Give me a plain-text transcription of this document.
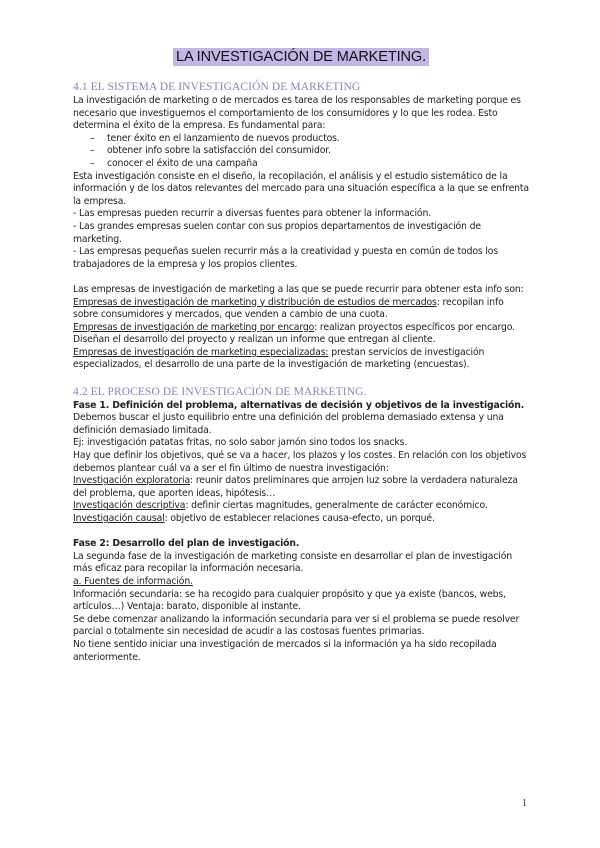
LA INVESTIGACIÓN DE MARKETING.
4.1 EL SISTEMA DE INVESTIGACIÓN DE MARKETING

La investigación de marketing o de mercados es tarea de los responsables de marketing porque es necesario que investiguemos el comportamiento de los consumidores y lo que les rodea. Esto determina el éxito de la empresa. Es fundamental para:

– tener éxito en el lanzamiento de nuevos productos.
– obtener info sobre la satisfacción del consumidor.
– conocer el éxito de una campaña

Esta investigación consiste en el diseño, la recopilación, el análisis y el estudio sistemático de la información y de los datos relevantes del mercado para una situación específica a la que se enfrenta la empresa.

- Las empresas pueden recurrir a diversas fuentes para obtener la información.

- Las grandes empresas suelen contar con sus propios departamentos de investigación de marketing.

- Las empresas pequeñas suelen recurrir más a la creatividad y puesta en común de todos los trabajadores de la empresa y los propios clientes.

Las empresas de investigación de marketing a las que se puede recurrir para obtener esta info son:

Empresas de investigación de marketing y distribución de estudios de mercados: recopilan info sobre consumidores y mercados, que venden a cambio de una cuota.

Empresas de investigación de marketing por encargo: realizan proyectos específicos por encargo. Diseñan el desarrollo del proyecto y realizan un informe que entregan al cliente.

Empresas de investigación de marketing especializadas: prestan servicios de investigación especializados, el desarrollo de una parte de la investigación de marketing (encuestas).

4.2 EL PROCESO DE INVESTIGACIÓN DE MARKETING.

Fase 1. Definición del problema, alternativas de decisión y objetivos de la investigación.

Debemos buscar el justo equilibrio entre una definición del problema demasiado extensa y una definición demasiado limitada.

Ej: investigación patatas fritas, no solo sabor jamón sino todos los snacks.

Hay que definir los objetivos, qué se va a hacer, los plazos y los costes. En relación con los objetivos debemos plantear cuál va a ser el fin último de nuestra investigación:

Investigación exploratoria: reunir datos preliminares que arrojen luz sobre la verdadera naturaleza del problema, que aporten ideas, hipótesis…

Investigación descriptiva: definir ciertas magnitudes, generalmente de carácter económico.

Investigación causal: objetivo de establecer relaciones causa-efecto, un porqué.

Fase 2: Desarrollo del plan de investigación.

La segunda fase de la investigación de marketing consiste en desarrollar el plan de investigación más eficaz para recopilar la información necesaria.

a. Fuentes de información.

Información secundaria: se ha recogido para cualquier propósito y que ya existe (bancos, webs, artículos…) Ventaja: barato, disponible al instante.

Se debe comenzar analizando la información secundaria para ver si el problema se puede resolver parcial o totalmente sin necesidad de acudir a las costosas fuentes primarias.

No tiene sentido iniciar una investigación de mercados si la información ya ha sido recopilada anteriormente.

1
